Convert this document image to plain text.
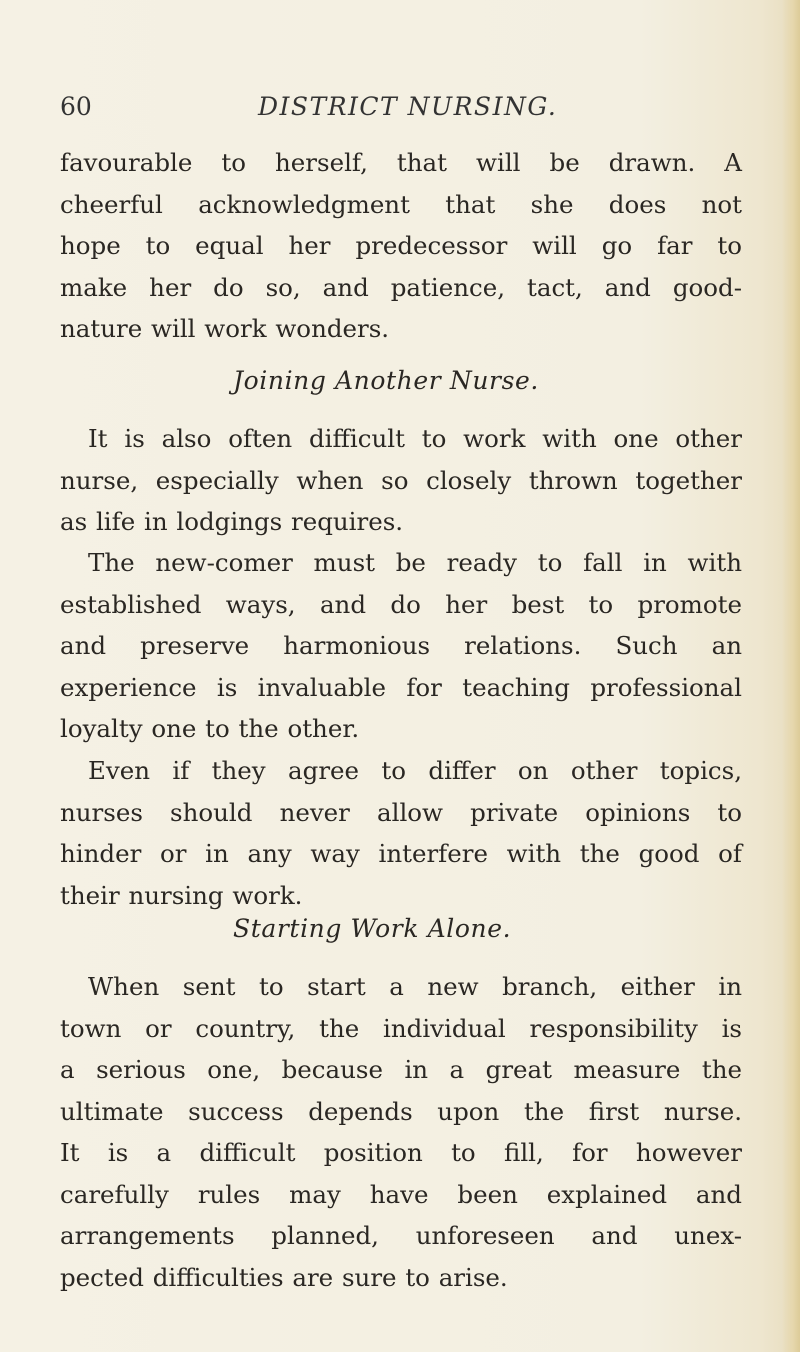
60	DISTRICT NURSING.
favourable to herself, that will be drawn. A
cheerful acknowledgment that she does not
hope to equal her predecessor will go far to
make her do so, and patience, tact, and good-
nature will work wonders.
Joining Another Nurse.
It is also often difficult to work with one other
nurse, especially when so closely thrown together
as life in lodgings requires.
The new-comer must be ready to fall in with
established ways, and do her best to promote
and preserve harmonious relations. Such an
experience is invaluable for teaching professional
loyalty one to the other.
Even if they agree to differ on other topics,
nurses should never allow private opinions to
hinder or in any way interfere with the good of
their nursing work.
Starting Work Alone.
When sent to start a new branch, either in
town or country, the individual responsibility is
a serious one, because in a great measure the
ultimate success depends upon the first nurse.
It is a difficult position to fill, for however
carefully rules may have been explained and
arrangements planned, unforeseen and unex-
pected difficulties are sure to arise.
